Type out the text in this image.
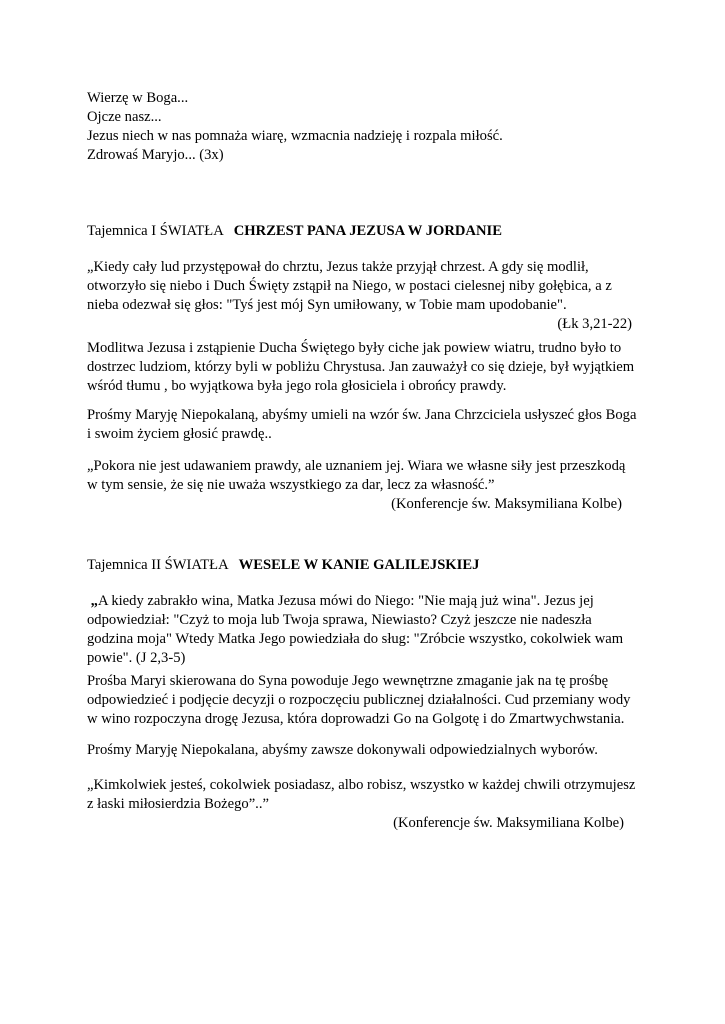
Wierzę w Boga...
Ojcze nasz...
Jezus niech w nas pomnaża wiarę, wzmacnia nadzieję i rozpala miłość.
Zdrowaś Maryjo... (3x)
Tajemnica I ŚWIATŁA CHRZEST PANA JEZUSA W JORDANIE
„Kiedy cały lud przystępował do chrztu, Jezus także przyjął chrzest. A gdy się modlił,
otworzyło się niebo i Duch Święty zstąpił na Niego, w postaci cielesnej niby gołębica, a z
nieba odezwał się głos: "Tyś jest mój Syn umiłowany, w Tobie mam upodobanie".
(Łk 3,21-22)
Modlitwa Jezusa i zstąpienie Ducha Świętego były ciche jak powiew wiatru, trudno było to
dostrzec ludziom, którzy byli w pobliżu Chrystusa. Jan zauważył co się dzieje, był wyjątkiem
wśród tłumu , bo wyjątkowa była jego rola głosiciela i obrońcy prawdy.
Prośmy Maryję Niepokalaną, abyśmy umieli na wzór św. Jana Chrzciciela usłyszeć głos Boga
i swoim życiem głosić prawdę..
„Pokora nie jest udawaniem prawdy, ale uznaniem jej. Wiara we własne siły jest przeszkodą
w tym sensie, że się nie uważa wszystkiego za dar, lecz za własność.”
(Konferencje św. Maksymiliana Kolbe)
Tajemnica II ŚWIATŁA WESELE W KANIE GALILEJSKIEJ
„A kiedy zabrakło wina, Matka Jezusa mówi do Niego: "Nie mają już wina". Jezus jej
odpowiedział: "Czyż to moja lub Twoja sprawa, Niewiasto? Czyż jeszcze nie nadeszła
godzina moja" Wtedy Matka Jego powiedziała do sług: "Zróbcie wszystko, cokolwiek wam
powie". (J 2,3-5)
Prośba Maryi skierowana do Syna powoduje Jego wewnętrzne zmaganie jak na tę prośbę
odpowiedzieć i podjęcie decyzji o rozpoczęciu publicznej działalności. Cud przemiany wody
w wino rozpoczyna drogę Jezusa, która doprowadzi Go na Golgotę i do Zmartwychwstania.
Prośmy Maryję Niepokalana, abyśmy zawsze dokonywali odpowiedzialnych wyborów.
„Kimkolwiek jesteś, cokolwiek posiadasz, albo robisz, wszystko w każdej chwili otrzymujesz
z łaski miłosierdzia Bożego”..”
(Konferencje św. Maksymiliana Kolbe)
